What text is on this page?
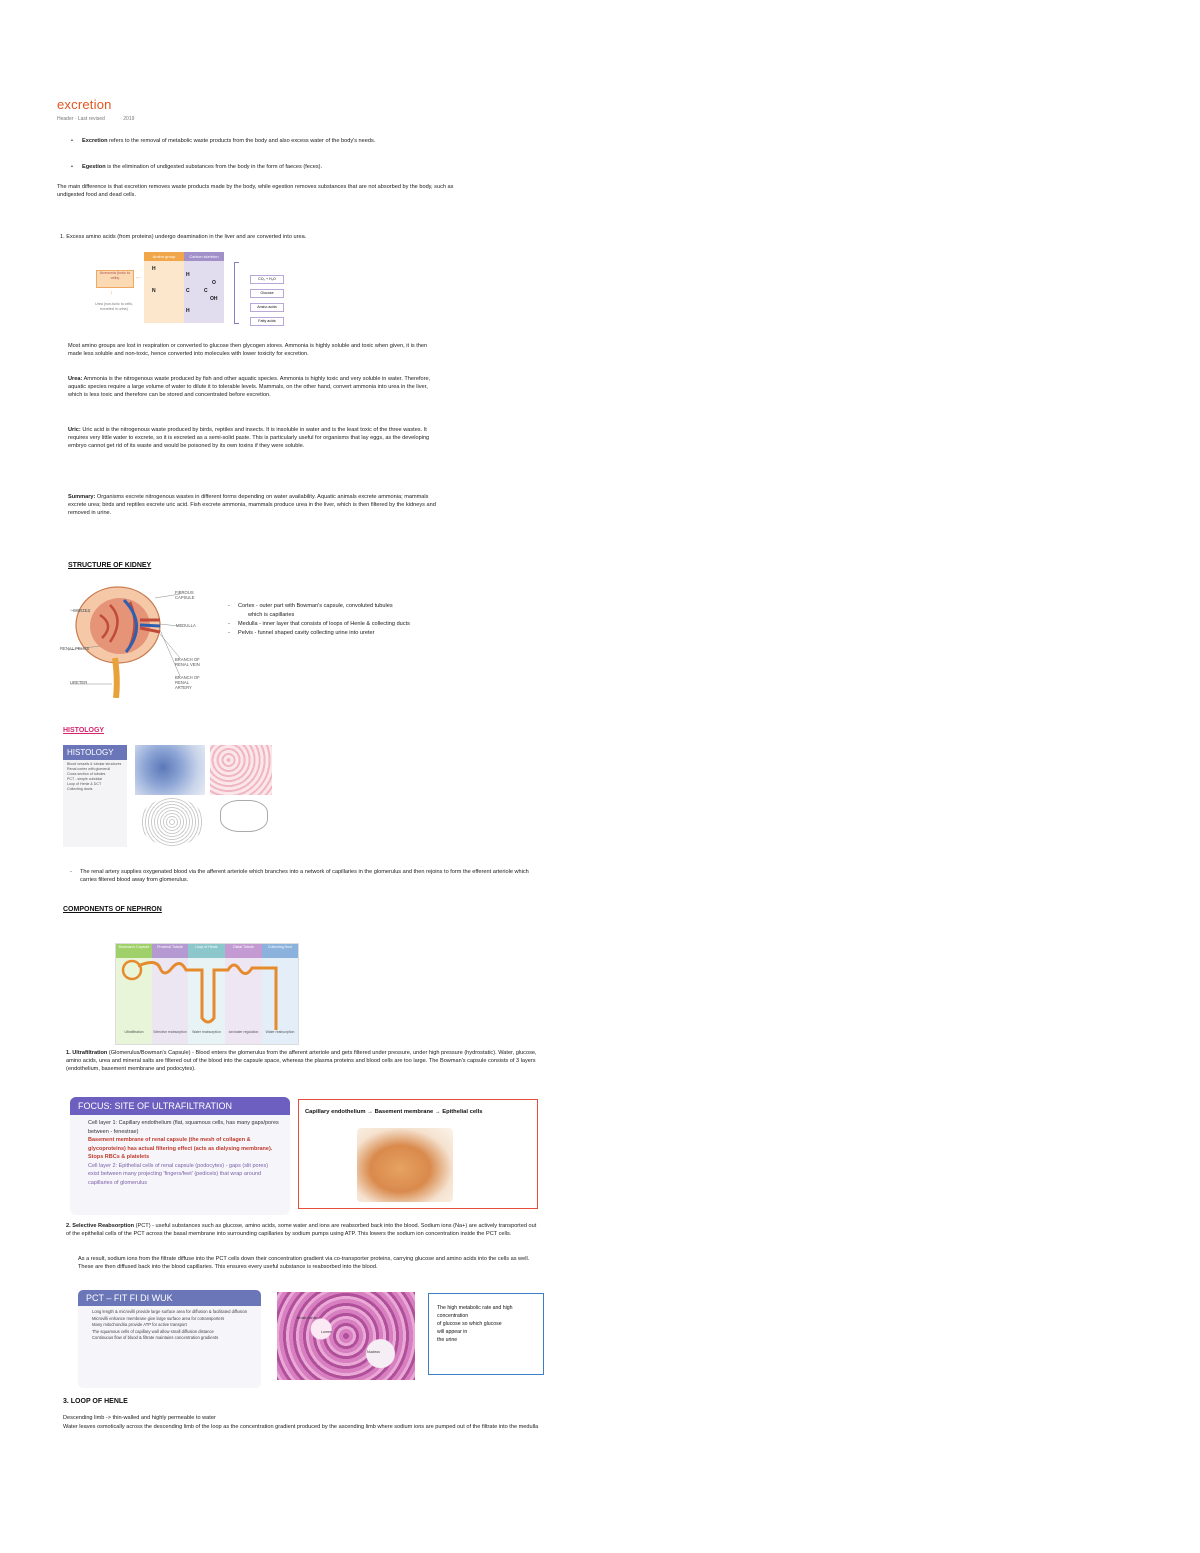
excretion
Header · Last revised	· 2019
• Excretion refers to the removal of metabolic waste products from the body and also excess water of the body's needs.
• Egestion is the elimination of undigested substances from the body in the form of faeces (feces).
The main difference is that excretion removes waste products made by the body, while egestion removes substances that are not absorbed by the body, such as undigested food and dead cells.
1. Excess amino acids (from proteins) undergo deamination in the liver and are converted into urea.
Amino group	Carbon skeleton
Ammonia (toxic to cells)
↓
Urea (non-toxic to cells, excreted in urine)
←
H
N	C	C
O
OH
H
H
CO₂ + H₂O
Glucose
Amino acids
Fatty acids
Most amino groups are lost in respiration or converted to glucose then glycogen stores. Ammonia is highly soluble and toxic when given, it is then made less soluble and non-toxic, hence converted into molecules with lower toxicity for excretion.
Urea: Ammonia is the nitrogenous waste produced by fish and other aquatic species. Ammonia is highly toxic and very soluble in water. Therefore, aquatic species require a large volume of water to dilute it to tolerable levels. Mammals, on the other hand, convert ammonia into urea in the liver, which is less toxic and therefore can be stored and concentrated before excretion.
Uric: Uric acid is the nitrogenous waste produced by birds, reptiles and insects. It is insoluble in water and is the least toxic of the three wastes. It requires very little water to excrete, so it is excreted as a semi-solid paste. This is particularly useful for organisms that lay eggs, as the developing embryo cannot get rid of its waste and would be poisoned by its own toxins if they were soluble.
Summary: Organisms excrete nitrogenous wastes in different forms depending on water availability. Aquatic animals excrete ammonia; mammals excrete urea; birds and reptiles excrete uric acid. Fish excrete ammonia, mammals produce urea in the liver, which is then filtered by the kidneys and removed in urine.
STRUCTURE OF KIDNEY
CORTEX
FIBROUS CAPSULE
MEDULLA
RENAL PELVIS
BRANCH OF RENAL VEIN
BRANCH OF RENAL ARTERY
URETER
- Cortex - outer part with Bowman's capsule, convoluted tubules
which is capillaries
- Medulla - inner layer that consists of loops of Henle & collecting ducts
- Pelvis - funnel shaped cavity collecting urine into ureter
HISTOLOGY
HISTOLOGY
Blood vessels & tubular structures
Renal cortex with glomeruli
Cross section of tubules
PCT - simple cuboidal
Loop of Henle & DCT
Collecting ducts
- The renal artery supplies oxygenated blood via the afferent arteriole which branches into a network of capillaries in the glomerulus and then rejoins to form the efferent arteriole which carries filtered blood away from glomerulus.
COMPONENTS OF NEPHRON
Bowman's Capsule	Proximal Tubule	Loop of Henle	Distal Tubule	Collecting Duct
Ultrafiltration	Selective reabsorption	Water reabsorption	Ion/water regulation	Water reabsorption
1. Ultrafiltration (Glomerulus/Bowman's Capsule) - Blood enters the glomerulus from the afferent arteriole and gets filtered under pressure, under high pressure (hydrostatic). Water, glucose, amino acids, urea and mineral salts are filtered out of the blood into the capsule space, whereas the plasma proteins and blood cells are too large. The Bowman's capsule consists of 3 layers (endothelium, basement membrane and podocytes).
FOCUS: SITE OF ULTRAFILTRATION
Cell layer 1: Capillary endothelium (flat, squamous cells, has many gaps/pores between - fenestrae)
Basement membrane of renal capsule (the mesh of collagen & glycoproteins) has actual filtering effect (acts as dialysing membrane). Stops RBCs & platelets
Cell layer 2: Epithelial cells of renal capsule (podocytes) - gaps (slit pores) exist between many projecting 'fingers/feet' (pedicels) that wrap around capillaries of glomerulus
Capillary endothelium → Basement membrane → Epithelial cells
2. Selective Reabsorption (PCT) - useful substances such as glucose, amino acids, some water and ions are reabsorbed back into the blood. Sodium ions (Na+) are actively transported out of the epithelial cells of the PCT across the basal membrane into surrounding capillaries by sodium pumps using ATP. This lowers the sodium ion concentration inside the PCT cells.
As a result, sodium ions from the filtrate diffuse into the PCT cells down their concentration gradient via co-transporter proteins, carrying glucose and amino acids into the cells as well. These are then diffused back into the blood capillaries. This ensures every useful substance is reabsorbed into the blood.
PCT – FIT FI DI WUK
Long length & microvilli provide large surface area for diffusion & facilitated diffusion
Microvilli enhance membrane give large surface area for cotransporters
Many mitochondria provide ATP for active transport
The squamous cells of capillary wall allow small diffusion distance
Continuous flow of blood & filtrate maintains concentration gradients
Brush border
Lumen
Nucleus
The high metabolic rate and high
concentration
of glucose so which glucose
will appear in
the urine
3. LOOP OF HENLE
Descending limb -> thin-walled and highly permeable to water
Water leaves osmotically across the descending limb of the loop as the concentration gradient produced by the ascending limb where sodium ions are pumped out of the filtrate into the medulla
